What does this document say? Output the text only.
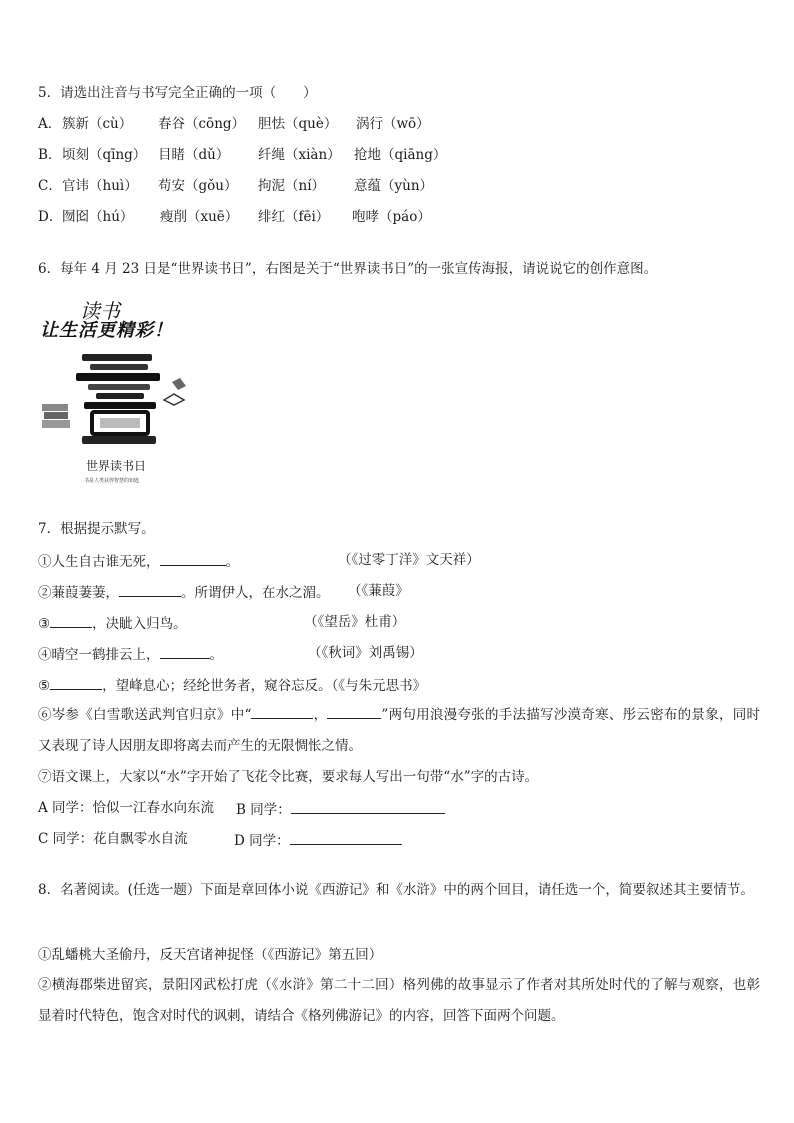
5．请选出注音与书写完全正确的一项（　　）
A． 簇新（cù） 春谷（cōng） 胆怯（què） 涡行（wō）
B． 顷刻（qīng） 目睹（dǔ） 纤绳（xiàn） 抢地（qiāng）
C． 官讳（huì） 苟安（gǒu） 拘泥（ní） 意蕴（yùn）
D． 囫囵（hú） 瘦削（xuē） 绯红（fēi） 咆哮（páo）
6．每年 4 月 23 日是“世界读书日”，右图是关于“世界读书日”的一张宣传海报，请说说它的创作意图。
读书
让生活更精彩！
世界读书日
书是人类获得智慧的钥匙
7．根据提示默写。
①人生自古谁无死，	。	（《过零丁洋》文天祥）
②蒹葭萋萋，	。所谓伊人，在水之湄。 （《蒹葭》
③	，决眦入归鸟。	（《望岳》杜甫）
④晴空一鹤排云上，	。	（《秋词》刘禹锡）
⑤	，望峰息心；经纶世务者，窥谷忘反。（《与朱元思书》
⑥岑参《白雪歌送武判官归京》中“	，	”两句用浪漫夸张的手法描写沙漠奇寒、彤云密布的景象，同时又表现了诗人因朋友即将离去而产生的无限惆怅之情。
⑦语文课上，大家以“水”字开始了飞花令比赛，要求每人写出一句带“水”字的古诗。
A 同学：恰似一江春水向东流 B 同学：
C 同学：花自飘零水自流	D 同学：
8．名著阅读。(任选一题）下面是章回体小说《西游记》和《水浒》中的两个回目，请任选一个，简要叙述其主要情节。
①乱蟠桃大圣偷丹，反天宫诸神捉怪（《西游记》第五回）
②横海郡柴进留宾，景阳冈武松打虎（《水浒》第二十二回）格列佛的故事显示了作者对其所处时代的了解与观察，也彰显着时代特色，饱含对时代的讽刺，请结合《格列佛游记》的内容，回答下面两个问题。
